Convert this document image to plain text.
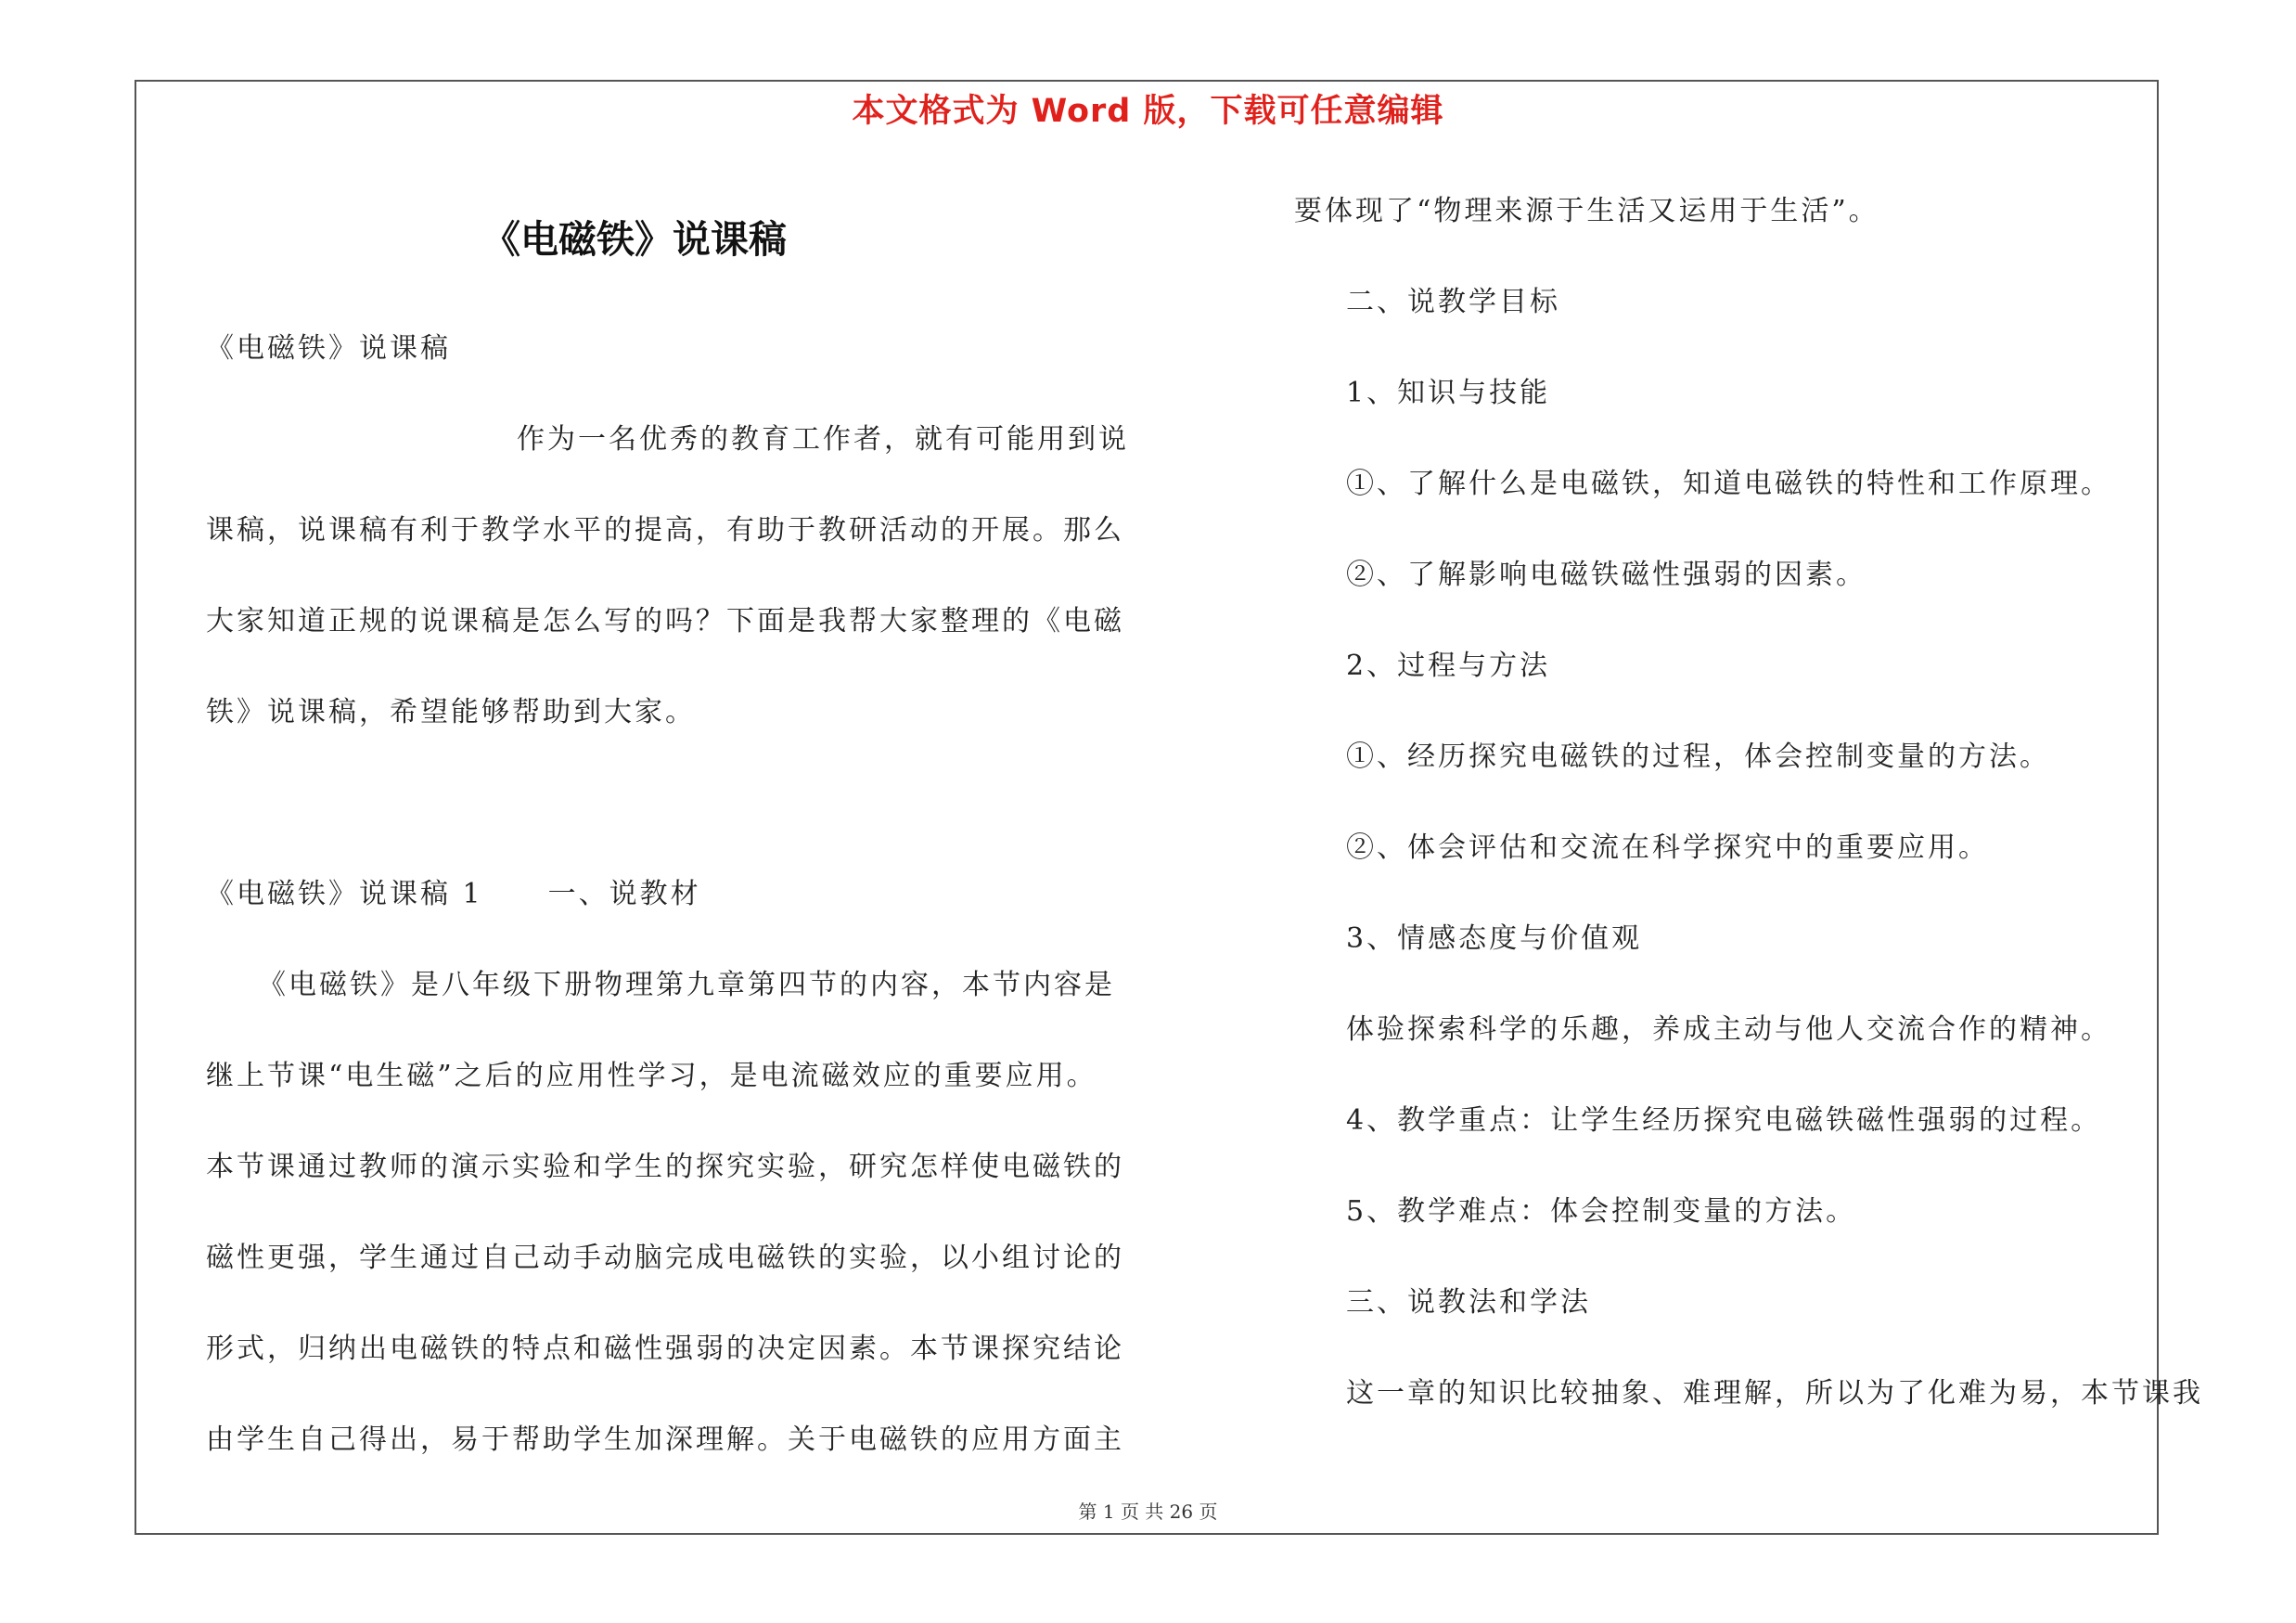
本文格式为 Word 版，下载可任意编辑
《电磁铁》说课稿
《电磁铁》说课稿
作为一名优秀的教育工作者，就有可能用到说
课稿，说课稿有利于教学水平的提高，有助于教研活动的开展。那么
大家知道正规的说课稿是怎么写的吗？下面是我帮大家整理的《电磁
铁》说课稿，希望能够帮助到大家。
《电磁铁》说课稿 1 一、说教材
《电磁铁》是八年级下册物理第九章第四节的内容，本节内容是
继上节课“电生磁”之后的应用性学习，是电流磁效应的重要应用。
本节课通过教师的演示实验和学生的探究实验，研究怎样使电磁铁的
磁性更强，学生通过自己动手动脑完成电磁铁的实验，以小组讨论的
形式，归纳出电磁铁的特点和磁性强弱的决定因素。本节课探究结论
由学生自己得出，易于帮助学生加深理解。关于电磁铁的应用方面主
要体现了“物理来源于生活又运用于生活”。
二、说教学目标
1、知识与技能
①、了解什么是电磁铁，知道电磁铁的特性和工作原理。
②、了解影响电磁铁磁性强弱的因素。
2、过程与方法
①、经历探究电磁铁的过程，体会控制变量的方法。
②、体会评估和交流在科学探究中的重要应用。
3、情感态度与价值观
体验探索科学的乐趣，养成主动与他人交流合作的精神。
4、教学重点：让学生经历探究电磁铁磁性强弱的过程。
5、教学难点：体会控制变量的方法。
三、说教法和学法
这一章的知识比较抽象、难理解，所以为了化难为易，本节课我
第 1 页 共 26 页
